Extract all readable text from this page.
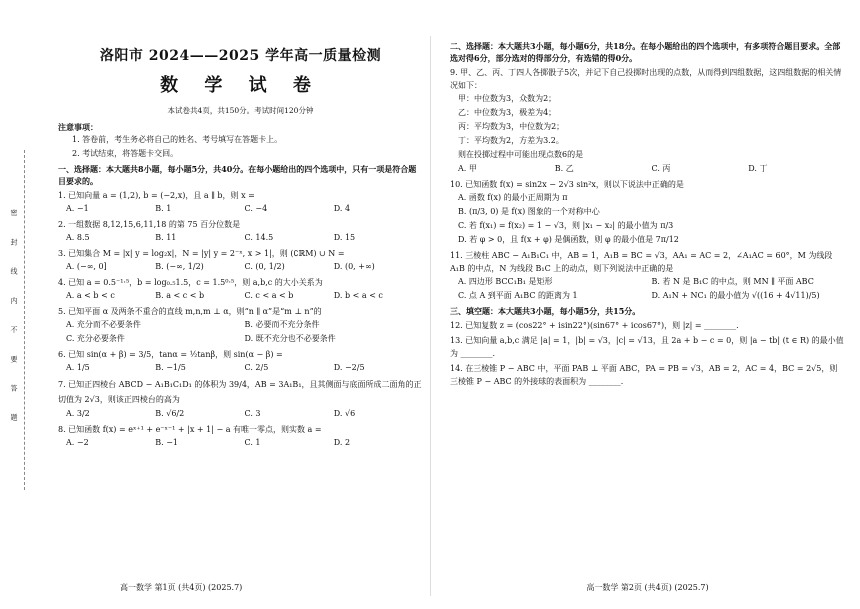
密 封 线 内 不 要 答 题
洛阳市 2024——2025 学年高一质量检测
数 学 试 卷
本试卷共4页，共150分。考试时间120分钟
注意事项：
1. 答卷前，考生务必将自己的姓名、考号填写在答题卡上。
2. 考试结束，将答题卡交回。
一、选择题：本大题共8小题，每小题5分，共40分。在每小题给出的四个选项中，只有一项是符合题目要求的。
1. 已知向量 a = (1,2), b = (−2,x)，且 a ∥ b，则 x =
A. −1	B. 1	C. −4	D. 4
2. 一组数据 8,12,15,6,11,18 的第 75 百分位数是
A. 8.5	B. 11	C. 14.5	D. 15
3. 已知集合 M = |x| y = log₂x|，N = |y| y = 2⁻ˣ, x > 1|，则 (∁ℝM) ∪ N =
A. (−∞, 0]	B. (−∞, 1/2)	C. (0, 1/2)	D. (0, +∞)
4. 已知 a = 0.5⁻¹·⁵，b = log₀.₅1.5，c = 1.5⁰·⁵，则 a,b,c 的大小关系为
A. a < b < c	B. a < c < b	C. c < a < b	D. b < a < c
5. 已知平面 α 及两条不重合的直线 m,n,m ⊥ α，则“n ∥ α”是“m ⊥ n”的
A. 充分而不必要条件	B. 必要而不充分条件
C. 充分必要条件	D. 既不充分也不必要条件
6. 已知 sin(α + β) = 3/5，tanα = ½tanβ，则 sin(α − β) =
A. 1/5	B. −1/5	C. 2/5	D. −2/5
7. 已知正四棱台 ABCD − A₁B₁C₁D₁ 的体积为 39/4，AB = 3A₁B₁，且其侧面与底面所成二面角的正切值为 2√3，则该正四棱台的高为
A. 3/2	B. √6/2	C. 3	D. √6
8. 已知函数 f(x) = eˣ⁺¹ + e⁻ˣ⁻¹ + |x + 1| − a 有唯一零点，则实数 a =
A. −2	B. −1	C. 1	D. 2
高一数学 第1页 (共4页) (2025.7)
二、选择题：本大题共3小题，每小题6分，共18分。在每小题给出的四个选项中，有多项符合题目要求。全部选对得6分，部分选对的得部分分，有选错的得0分。
9. 甲、乙、丙、丁四人各掷骰子5次，并记下自己投掷时出现的点数，从而得到四组数据，这四组数据的相关情况如下：
甲：中位数为3，众数为2；
乙：中位数为3，极差为4；
丙：平均数为3，中位数为2；
丁：平均数为2，方差为3.2。
则在投掷过程中可能出现点数6的是
A. 甲	B. 乙	C. 丙	D. 丁
10. 已知函数 f(x) = sin2x − 2√3 sin²x，则以下说法中正确的是
A. 函数 f(x) 的最小正周期为 π
B. (π/3, 0) 是 f(x) 图象的一个对称中心
C. 若 f(x₁) = f(x₂) = 1 − √3，则 |x₁ − x₂| 的最小值为 π/3
D. 若 φ > 0，且 f(x + φ) 是偶函数，则 φ 的最小值是 7π/12
11. 三棱柱 ABC − A₁B₁C₁ 中，AB = 1，A₁B = BC = √3，AA₁ = AC = 2，∠A₁AC = 60°，M 为线段 A₁B 的中点，N 为线段 B₁C 上的动点，则下列说法中正确的是
A. 四边形 BCC₁B₁ 是矩形	B. 若 N 是 B₁C 的中点，则 MN ∥ 平面 ABC
C. 点 A 到平面 A₁BC 的距离为 1	D. A₁N + NC₁ 的最小值为 √((16 + 4√11)/5)
三、填空题：本大题共3小题，每小题5分，共15分。
12. 已知复数 z = (cos22° + isin22°)(sin67° + icos67°)，则 |z| = ________.
13. 已知向量 a,b,c 满足 |a| = 1，|b| = √3，|c| = √13，且 2a + b − c = 0，则 |a − tb| (t ∈ R) 的最小值为 ________.
14. 在三棱锥 P − ABC 中，平面 PAB ⊥ 平面 ABC，PA = PB = √3，AB = 2，AC = 4，BC = 2√5，则三棱锥 P − ABC 的外接球的表面积为 ________.
高一数学 第2页 (共4页) (2025.7)
